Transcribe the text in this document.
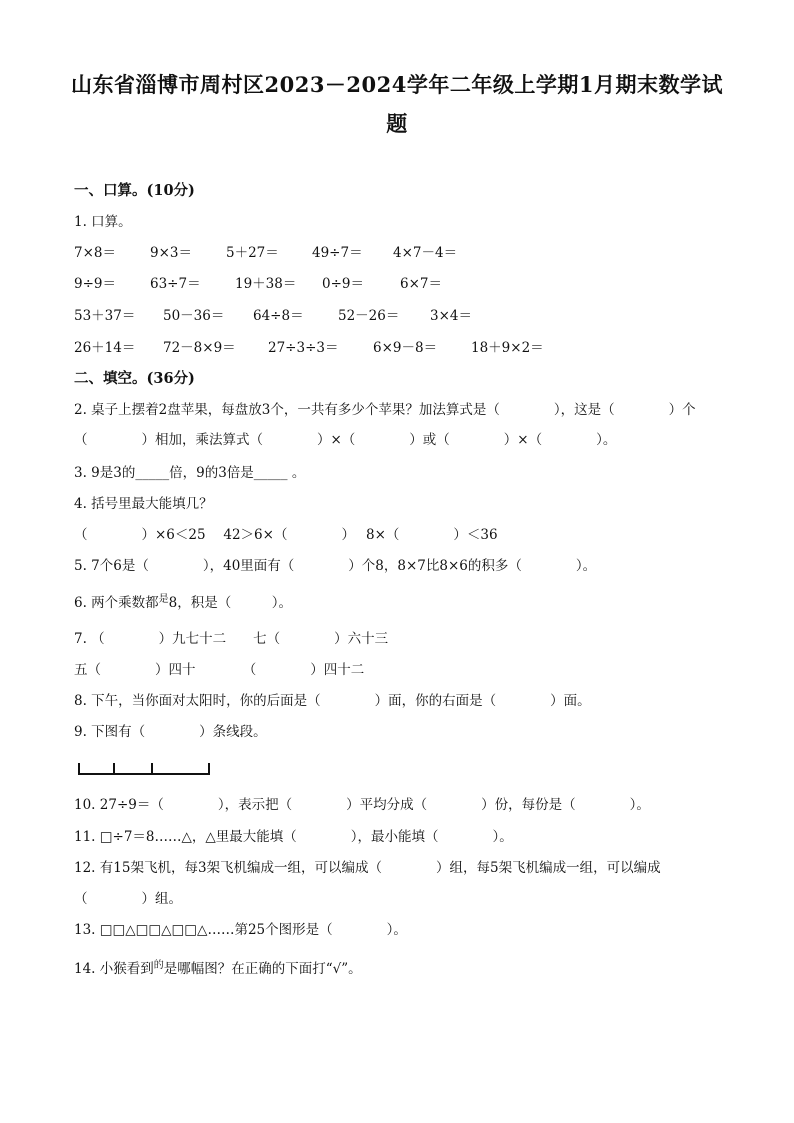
山东省淄博市周村区2023－2024学年二年级上学期1月期末数学试
题
一、口算。(10分)
1. 口算。
7×8＝	9×3＝	5＋27＝ 49÷7＝ 4×7－4＝
9÷9＝	63÷7＝	19＋38＝ 0÷9＝	6×7＝
53＋37＝ 50－36＝ 64÷8＝	52－26＝ 3×4＝
26＋14＝ 72－8×9＝ 27÷3÷3＝	6×9－8＝	18＋9×2＝
二、填空。(36分)
2. 桌子上摆着2盘苹果，每盘放3个，一共有多少个苹果？加法算式是（　　　　），这是（　　　　）个
（　　　　）相加，乘法算式（　　　　）×（　　　　）或（　　　　）×（　　　　）。
3. 9是3的_____倍，9的3倍是_____ 。
4. 括号里最大能填几？
（　　　　）×6＜25　 42＞6×（　　　　）　 8×（　　　　）＜36
5. 7个6是（　　　　），40里面有（　　　　）个8，8×7比8×6的积多（　　　　）。
6. 两个乘数都$^是$8，积是（　　　）。
7. （　　　　）九七十二　　七（　　　　）六十三
五（　　　　）四十　　　　（　　　　）四十二
8. 下午，当你面对太阳时，你的后面是（　　　　）面，你的右面是（　　　　）面。
9. 下图有（　　　　）条线段。
10. 27÷9＝（　　　　），表示把（　　　　）平均分成（　　　　）份，每份是（　　　　）。
11. □÷7＝8……△，△里最大能填（　　　　），最小能填（　　　　）。
12. 有15架飞机，每3架飞机编成一组，可以编成（　　　　）组，每5架飞机编成一组，可以编成
（　　　　）组。
13. □□△□□△□□△……第25个图形是（　　　　）。
14. 小猴看到$^的$是哪幅图？在正确的下面打“√”。
